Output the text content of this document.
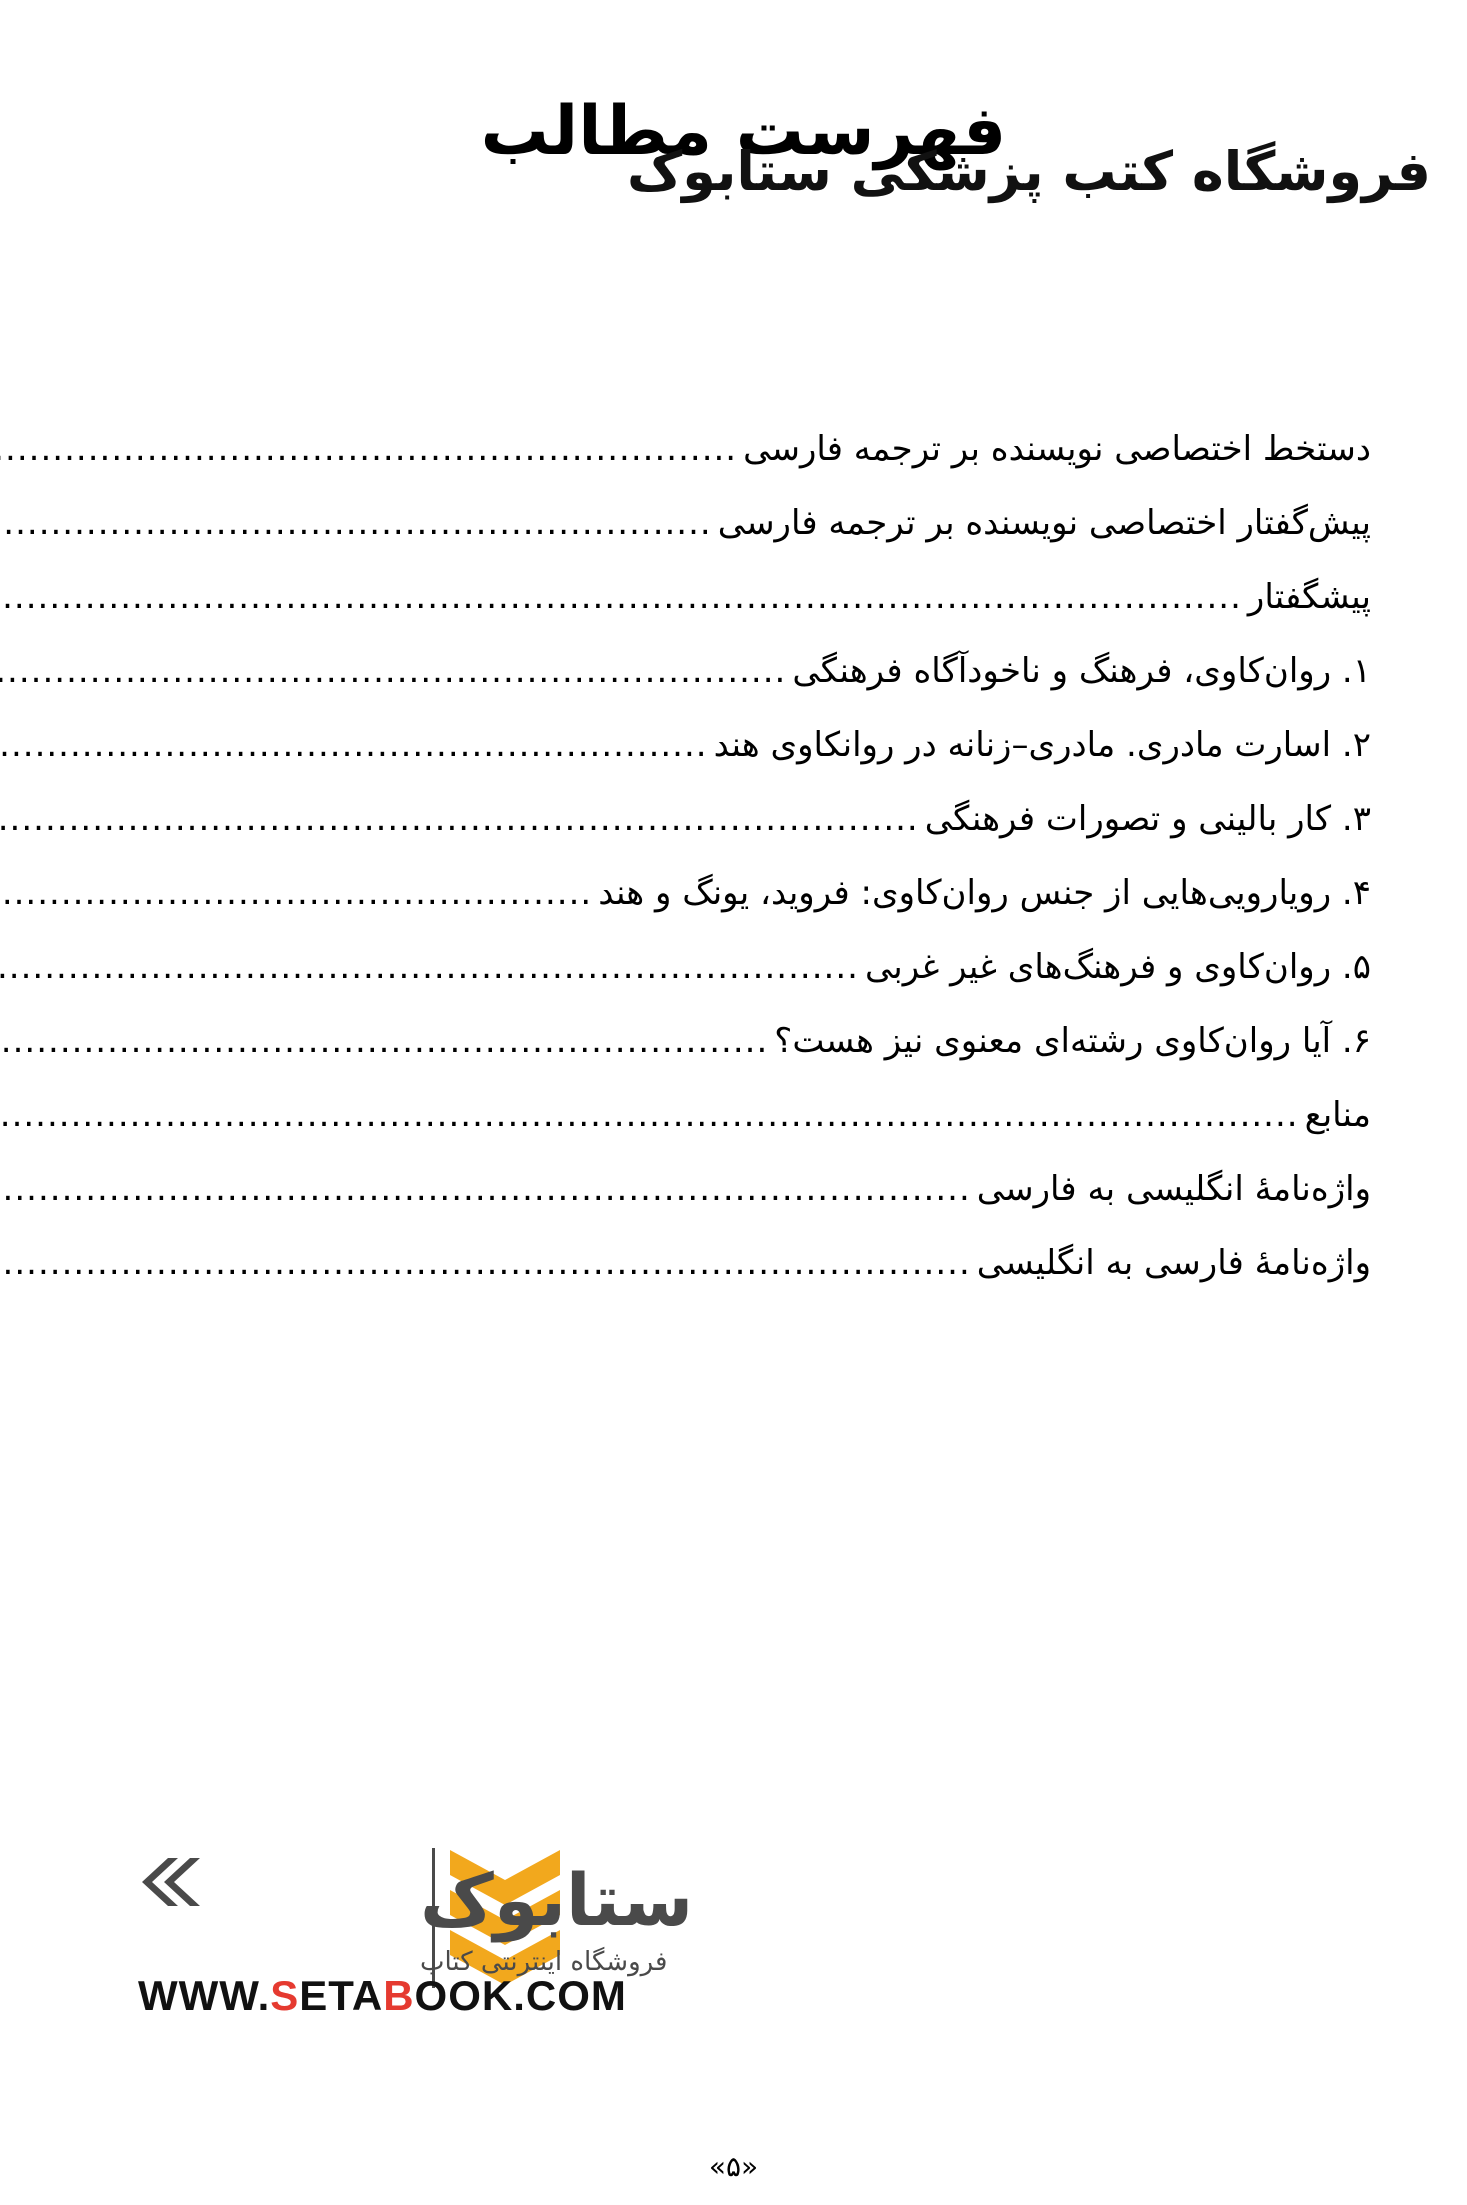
فهرست مطالب
فروشگاه کتب پزشکی ستابوک
دستخط اختصاصی نویسنده بر ترجمه فارسی
.....
پیش‌گفتار اختصاصی نویسنده بر ترجمه فارسی
.....
پیشگفتار
.....
۱. روان‌کاوی، فرهنگ و ناخودآگاه فرهنگی
.....
۲. اسارت مادری. مادری–زنانه در روانکاوی هند
.....
۳. کار بالینی و تصورات فرهنگی
.....
۴. رویارویی‌هایی از جنس روان‌کاوی: فروید، یونگ و هند
.....
۵. روان‌کاوی و فرهنگ‌های غیر غربی
.....
۶. آیا روان‌کاوی رشته‌ای معنوی نیز هست؟
.....
منابع
.....
واژه‌نامۀ انگلیسی به فارسی
.....
واژه‌نامۀ فارسی به انگلیسی
.....
ستابوک
فروشگاه اینترنتی کتاب
WWW.SETABOOK.COM
«۵»
